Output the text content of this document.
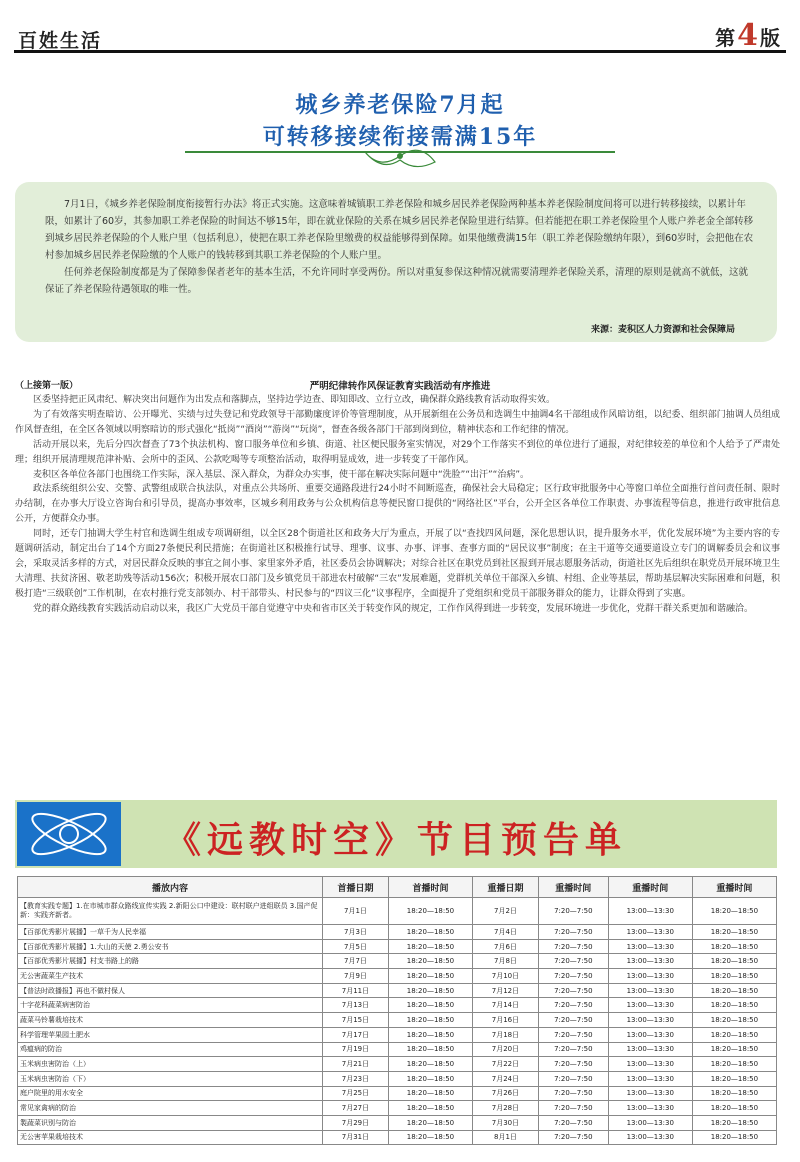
百姓生活	第4 版
城乡养老保险7月起
可转移接续衔接需满15年

7月1日，《城乡养老保险制度衔接暂行办法》将正式实施。这意味着城镇职工养老保险和城乡居民养老保险两种基本养老保险制度间将可以进行转移接续，以累计年限，如累计了60岁，其参加职工养老保险的时间达不够15年，即在就业保险的关系在城乡居民养老保险里进行结算。但若能把在职工养老保险里个人账户养老金全部转移到城乡居民养老保险的个人账户里（包括利息），使把在职工养老保险里缴费的权益能够得到保障。如果他缴费满15年（职工养老保险缴纳年限），到60岁时，会把他在农村参加城乡居民养老保险缴的个人账户的钱转移到其职工养老保险的个人账户里。

任何养老保险制度都是为了保障参保者老年的基本生活，不允许同时享受两份。所以对重复参保这种情况就需要清理养老保险关系，清理的原则是就高不就低，这就保证了养老保险待遇领取的唯一性。

来源：麦积区人力资源和社会保障局
（上接第一版）	严明纪律转作风保证教育实践活动有序推进

区委坚持把正风肃纪、解决突出问题作为出发点和落脚点，坚持边学边查、即知即改、立行立改，确保群众路线教育活动取得实效。

为了有效落实明查暗访、公开曝光、实绩与过失登记和党政领导干部勤廉度评价等管理制度，从开展新组在公务员和选调生中抽调4名干部组成作风暗访组，以纪委、组织部门抽调人员组成作风督查组，在全区各领域以明察暗访的形式强化“抵岗”“酒岗”“游岗”“玩岗”，督查各级各部门干部到岗到位，精神状态和工作纪律的情况。

活动开展以来，先后分四次督查了73个执法机构、窗口服务单位和乡镇、街道、社区便民服务室实情况，对29个工作落实不到位的单位进行了通报，对纪律较差的单位和个人给予了严肃处理；组织开展清理规范津补贴、会所中的歪风、公款吃喝等专项整治活动，取得明显成效，进一步转变了干部作风。

麦积区各单位各部门也围绕工作实际，深入基层、深入群众，为群众办实事，使干部在解决实际问题中“洗脸”“出汗”“治病”。

政法系统组织公安、交警、武警组成联合执法队，对重点公共场所、重要交通路段进行24小时不间断巡查，确保社会大局稳定；区行政审批服务中心等窗口单位全面推行首问责任制、限时办结制，在办事大厅设立咨询台和引导员，提高办事效率，区城乡利用政务与公众机构信息等便民窗口提供的“网络社区”平台，公开全区各单位工作职责、办事流程等信息，推进行政审批信息公开，方便群众办事。

同时，还专门抽调大学生村官和选调生组成专项调研组，以全区28个街道社区和政务大厅为重点，开展了以“查找四风问题，深化思想认识，提升服务水平，优化发展环境”为主要内容的专题调研活动，制定出台了14个方面27条便民利民措施；在街道社区积极推行试导、理事、议事、办事、评事、查事方面的“居民议事”制度；在主干道等交通要道设立专门的调解委员会和议事会，采取灵活多样的方式，对居民群众反映的事宜之间小事、家里家外矛盾，社区委员会协调解决；对综合社区在职党员到社区报到开展志愿服务活动，街道社区先后组织在职党员开展环境卫生大清理、扶贫济困、敬老助残等活动156次；积极开展农口部门及乡镇党员干部进农村破解“三农”发展难题，党群机关单位干部深入乡镇、村组、企业等基层，帮助基层解决实际困难和问题，积极打造“三级联创”工作机制，在农村推行党支部领办、村干部带头、村民参与的“四议三化”议事程序，全面提升了党组织和党员干部服务群众的能力，让群众得到了实惠。

党的群众路线教育实践活动启动以来，我区广大党员干部自觉遵守中央和省市区关于转变作风的规定，工作作风得到进一步转变，发展环境进一步优化，党群干群关系更加和谐融洽。

《远教时空》节目预告单
播放内容	首播日期	首播时间	重播日期	重播时间	重播时间	重播时间
【教育实践专题】1.在市城市群众路线宣传实践 2.新阳公口中建设：联村联户进组联员 3.国产促新：实践齐新者。	7月1日	18:20—18:50	7月2日	7:20—7:50	13:00—13:30	18:20—18:50
【百部优秀影片展播】一草千为人民幸福	7月3日	18:20—18:50	7月4日	7:20—7:50	13:00—13:30	18:20—18:50
【百部优秀影片展播】1.大山的天使 2.勇公安书	7月5日	18:20—18:50	7月6日	7:20—7:50	13:00—13:30	18:20—18:50
【百部优秀影片展播】村支书路上的路	7月7日	18:20—18:50	7月8日	7:20—7:50	13:00—13:30	18:20—18:50
无公害蔬菜生产技术	7月9日	18:20—18:50	7月10日	7:20—7:50	13:00—13:30	18:20—18:50
【普法时政播报】再也不做村保人	7月11日	18:20—18:50	7月12日	7:20—7:50	13:00—13:30	18:20—18:50
十字花科蔬菜病害防治	7月13日	18:20—18:50	7月14日	7:20—7:50	13:00—13:30	18:20—18:50
蔬菜马铃薯栽培技术	7月15日	18:20—18:50	7月16日	7:20—7:50	13:00—13:30	18:20—18:50
科学管理苹果园土肥水	7月17日	18:20—18:50	7月18日	7:20—7:50	13:00—13:30	18:20—18:50
鸡瘟病的防治	7月19日	18:20—18:50	7月20日	7:20—7:50	13:00—13:30	18:20—18:50
玉米病虫害防治（上）	7月21日	18:20—18:50	7月22日	7:20—7:50	13:00—13:30	18:20—18:50
玉米病虫害防治（下）	7月23日	18:20—18:50	7月24日	7:20—7:50	13:00—13:30	18:20—18:50
庭户院里的用水安全	7月25日	18:20—18:50	7月26日	7:20—7:50	13:00—13:30	18:20—18:50
常见家禽病的防治	7月27日	18:20—18:50	7月28日	7:20—7:50	13:00—13:30	18:20—18:50
製蔬菜识别与防治	7月29日	18:20—18:50	7月30日	7:20—7:50	13:00—13:30	18:20—18:50
无公害苹果栽培技术	7月31日	18:20—18:50	8月1日	7:20—7:50	13:00—13:30	18:20—18:50
